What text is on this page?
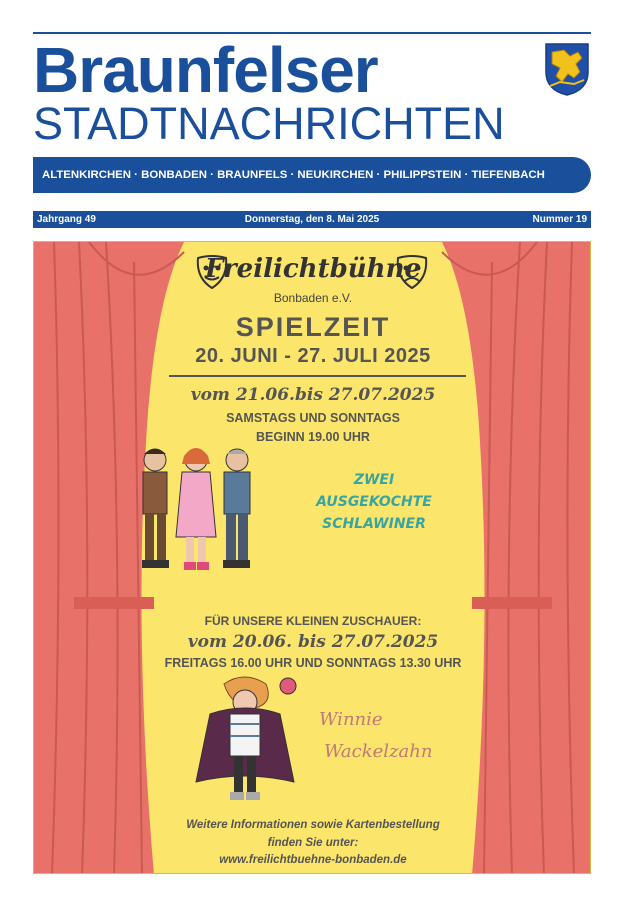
Braunfelser
STADTNACHRICHTEN
ALTENKIRCHEN · BONBADEN · BRAUNFELS · NEUKIRCHEN · PHILIPPSTEIN · TIEFENBACH
Donnerstag, den 8. Mai 2025
Jahrgang 49	Nummer 19
Freilichtbühne
Bonbaden e.V.
SPIELZEIT
20. JUNI - 27. JULI 2025
vom 21.06.bis 27.07.2025
SAMSTAGS UND SONNTAGS
BEGINN 19.00 UHR
ZWEI
AUSGEKOCHTE SCHLAWINER
FÜR UNSERE KLEINEN ZUSCHAUER:
vom 20.06. bis 27.07.2025
FREITAGS 16.00 UHR UND SONNTAGS 13.30 UHR
Winnie
Wackelzahn
Weitere Informationen sowie Kartenbestellung
finden Sie unter:
www.freilichtbuehne-bonbaden.de
